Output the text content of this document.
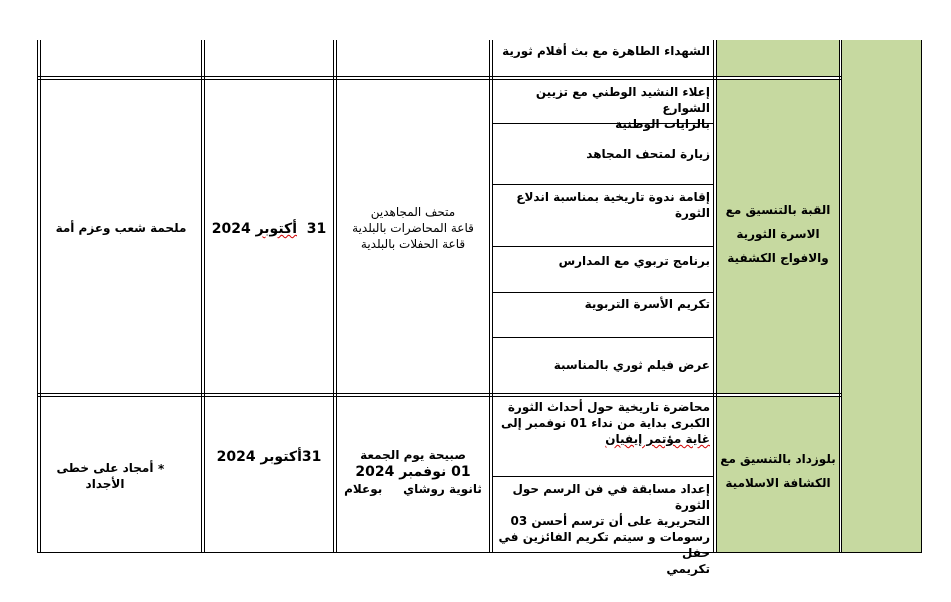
الشهداء الطاهرة مع بث أفلام ثورية
إعلاء النشيد الوطني مع تزيين الشوارع
بالرايات الوطنية
زيارة لمتحف المجاهد
إقامة ندوة تاريخية بمناسبة اندلاع
الثورة
برنامج تربوي مع المدارس
تكريم الأسرة التربوية
عرض فيلم ثوري بالمناسبة
القبة بالتنسيق مع
الاسرة الثورية
والافواج الكشفية
متحف المجاهدين
قاعة المحاضرات بالبلدية
قاعة الحفلات بالبلدية
31  أكتوبر 2024
ملحمة شعب وعزم أمة
محاضرة تاريخية حول أحداث الثورة
الكبرى بداية من نداء 01 نوفمبر إلى
غاية مؤتمر إيفيان
إعداد مسابقة في فن الرسم حول الثورة
التحريرية على أن ترسم أحسن 03
رسومات و سيتم تكريم الفائزين في حفل
تكريمي
بلوزداد بالتنسيق مع
الكشافة الاسلامية
صبيحة يوم الجمعة
01 نوفمبر 2024
ثانوية روشاي     بوعلام
31أكتوبر 2024
أمجاد على خطى
الأجداد
*
